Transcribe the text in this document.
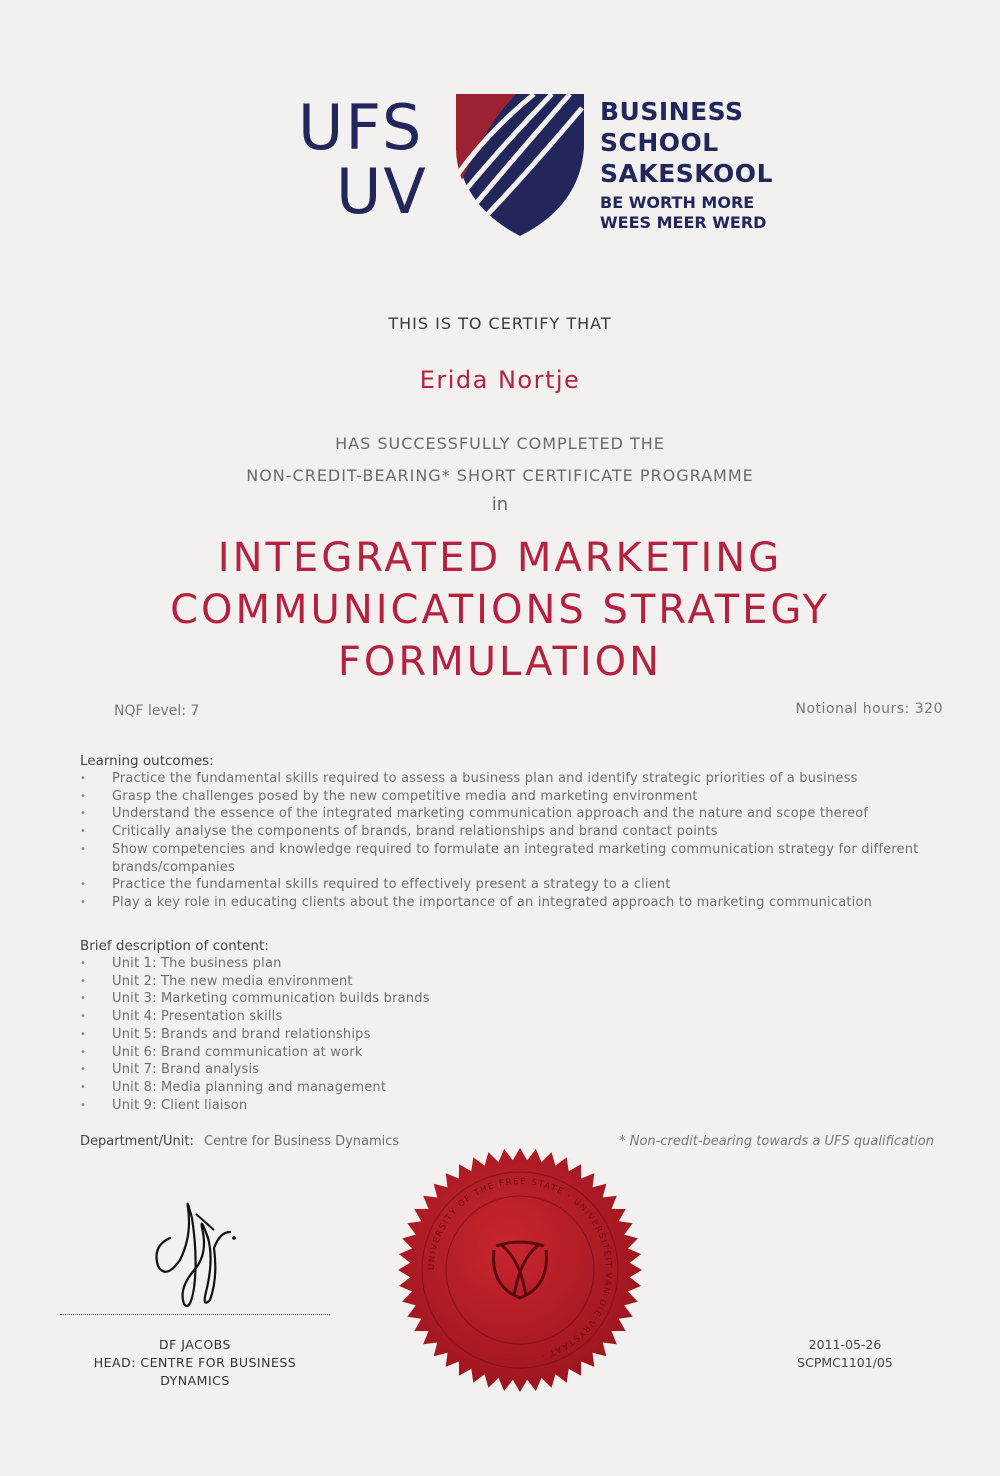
UFS
UV
BUSINESS SCHOOL
SAKESKOOL
BE WORTH MORE
WEES MEER WERD
THIS IS TO CERTIFY THAT
Erida Nortje
HAS SUCCESSFULLY COMPLETED THE
NON-CREDIT-BEARING* SHORT CERTIFICATE PROGRAMME
in
INTEGRATED MARKETING
COMMUNICATIONS STRATEGY
FORMULATION
NQF level: 7	Notional hours: 320
Learning outcomes:
• Practice the fundamental skills required to assess a business plan and identify strategic priorities of a business
• Grasp the challenges posed by the new competitive media and marketing environment
• Understand the essence of the integrated marketing communication approach and the nature and scope thereof
• Critically analyse the components of brands, brand relationships and brand contact points
• Show competencies and knowledge required to formulate an integrated marketing communication strategy for different brands/companies
• Practice the fundamental skills required to effectively present a strategy to a client
• Play a key role in educating clients about the importance of an integrated approach to marketing communication
Brief description of content:
• Unit 1: The business plan
• Unit 2: The new media environment
• Unit 3: Marketing communication builds brands
• Unit 4: Presentation skills
• Unit 5: Brands and brand relationships
• Unit 6: Brand communication at work
• Unit 7: Brand analysis
• Unit 8: Media planning and management
• Unit 9: Client liaison
Department/Unit: Centre for Business Dynamics	* Non-credit-bearing towards a UFS qualification
DF JACOBS
HEAD: CENTRE FOR BUSINESS DYNAMICS
UNIVERSITY OF THE FREE STATE · UNIVERSITEIT VAN DIE VRYSTAAT ·
2011-05-26
SCPMC1101/05
